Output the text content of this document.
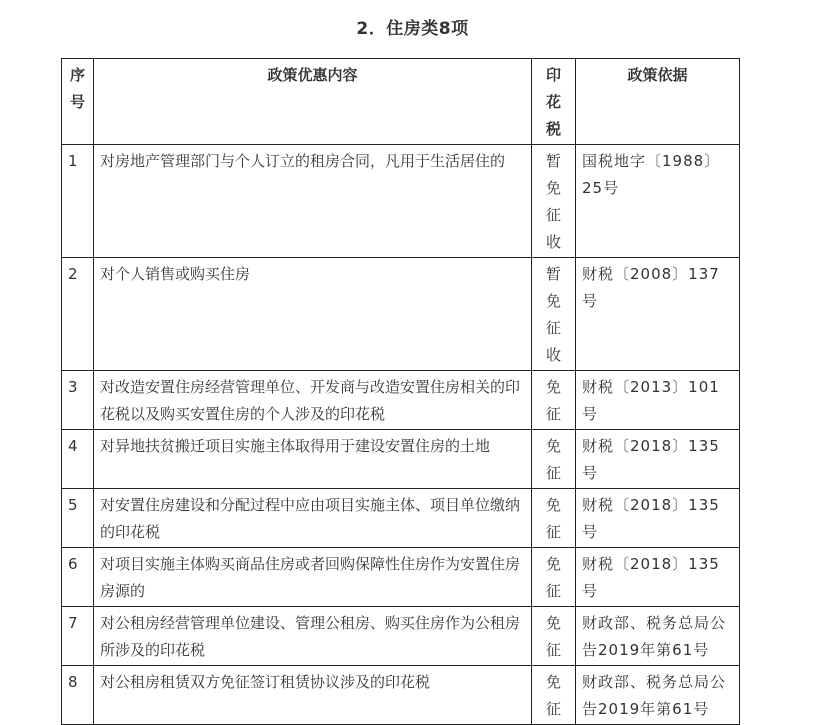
2．住房类8项
序号	政策优惠内容	印花税	政策依据
1	对房地产管理部门与个人订立的租房合同，凡用于生活居住的	暂免征收	国税地字〔1988〕25号
2	对个人销售或购买住房	暂免征收	财税〔2008〕137号
3	对改造安置住房经营管理单位、开发商与改造安置住房相关的印花税以及购买安置住房的个人涉及的印花税	免征	财税〔2013〕101号
4	对异地扶贫搬迁项目实施主体取得用于建设安置住房的土地	免征	财税〔2018〕135号
5	对安置住房建设和分配过程中应由项目实施主体、项目单位缴纳的印花税	免征	财税〔2018〕135号
6	对项目实施主体购买商品住房或者回购保障性住房作为安置住房房源的	免征	财税〔2018〕135号
7	对公租房经营管理单位建设、管理公租房、购买住房作为公租房所涉及的印花税	免征	财政部、税务总局公告2019年第61号
8	对公租房租赁双方免征签订租赁协议涉及的印花税	免征	财政部、税务总局公告2019年第61号
